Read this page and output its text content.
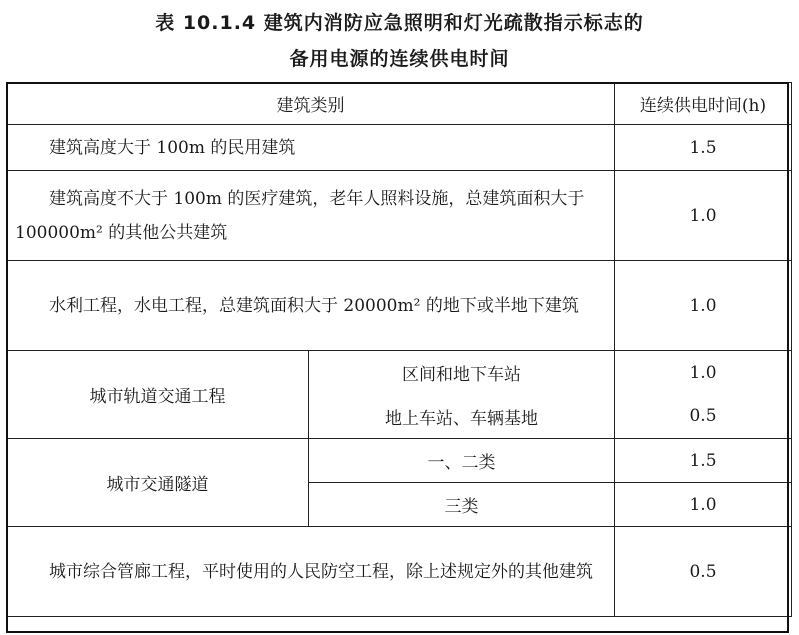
表 10.1.4 建筑内消防应急照明和灯光疏散指示标志的
备用电源的连续供电时间
建筑类别		连续供电时间(h)
建筑高度大于 100m 的民用建筑		1.5
建筑高度不大于 100m 的医疗建筑，老年人照料设施，总建筑面积大于 100000m² 的其他公共建筑		1.0
水利工程，水电工程，总建筑面积大于 20000m² 的地下或半地下建筑		1.0
城市轨道交通工程	区间和地下车站	1.0
	地上车站、车辆基地	0.5
城市交通隧道	一、二类	1.5
	三类	1.0
城市综合管廊工程，平时使用的人民防空工程，除上述规定外的其他建筑		0.5
